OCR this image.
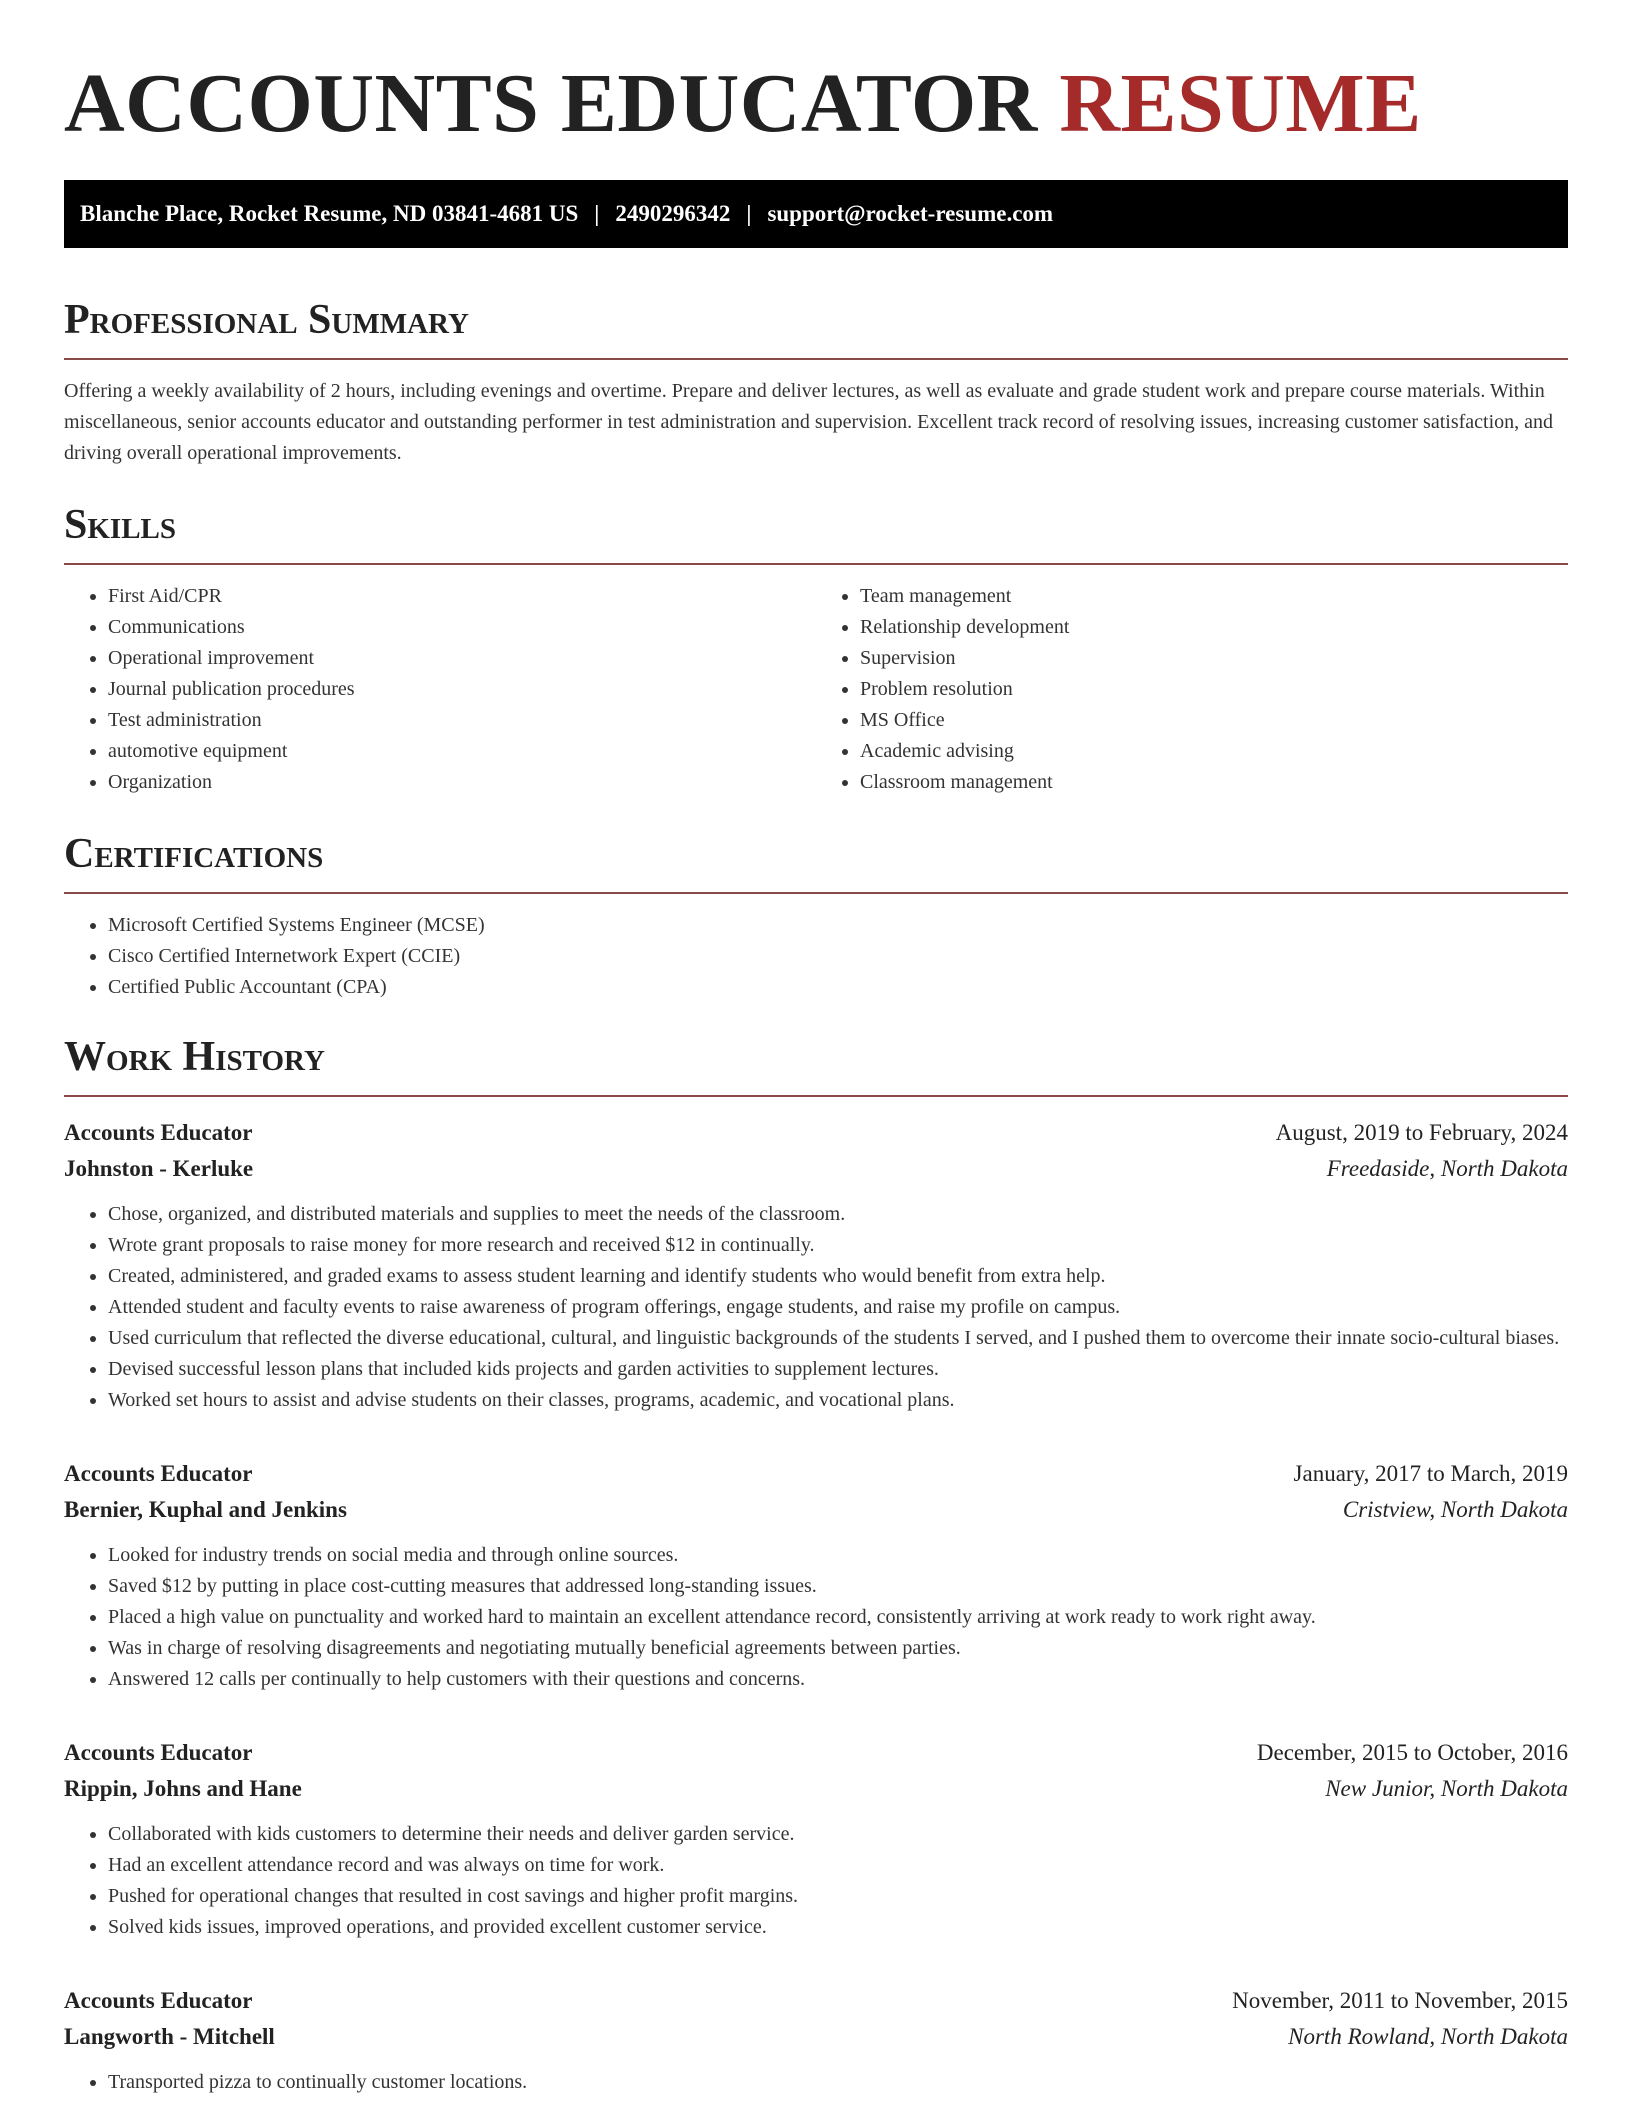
ACCOUNTS EDUCATOR RESUME
Blanche Place, Rocket Resume, ND 03841-4681 US | 2490296342 | support@rocket-resume.com
Professional Summary

Offering a weekly availability of 2 hours, including evenings and overtime. Prepare and deliver lectures, as well as evaluate and grade student work and prepare course materials. Within miscellaneous, senior accounts educator and outstanding performer in test administration and supervision. Excellent track record of resolving issues, increasing customer satisfaction, and driving overall operational improvements.

Skills
• First Aid/CPR
• Communications
• Operational improvement
• Journal publication procedures
• Test administration
• automotive equipment
• Organization
• Team management
• Relationship development
• Supervision
• Problem resolution
• MS Office
• Academic advising
• Classroom management
Certifications
• Microsoft Certified Systems Engineer (MCSE)
• Cisco Certified Internetwork Expert (CCIE)
• Certified Public Accountant (CPA)
Work History
Accounts Educator	August, 2019 to February, 2024
Johnston - Kerluke	Freedaside, North Dakota
• Chose, organized, and distributed materials and supplies to meet the needs of the classroom.
• Wrote grant proposals to raise money for more research and received $12 in continually.
• Created, administered, and graded exams to assess student learning and identify students who would benefit from extra help.
• Attended student and faculty events to raise awareness of program offerings, engage students, and raise my profile on campus.
• Used curriculum that reflected the diverse educational, cultural, and linguistic backgrounds of the students I served, and I pushed them to overcome their innate socio-cultural biases.
• Devised successful lesson plans that included kids projects and garden activities to supplement lectures.
• Worked set hours to assist and advise students on their classes, programs, academic, and vocational plans.
Accounts Educator	January, 2017 to March, 2019
Bernier, Kuphal and Jenkins	Cristview, North Dakota
• Looked for industry trends on social media and through online sources.
• Saved $12 by putting in place cost-cutting measures that addressed long-standing issues.
• Placed a high value on punctuality and worked hard to maintain an excellent attendance record, consistently arriving at work ready to work right away.
• Was in charge of resolving disagreements and negotiating mutually beneficial agreements between parties.
• Answered 12 calls per continually to help customers with their questions and concerns.
Accounts Educator	December, 2015 to October, 2016
Rippin, Johns and Hane	New Junior, North Dakota
• Collaborated with kids customers to determine their needs and deliver garden service.
• Had an excellent attendance record and was always on time for work.
• Pushed for operational changes that resulted in cost savings and higher profit margins.
• Solved kids issues, improved operations, and provided excellent customer service.
Accounts Educator	November, 2011 to November, 2015
Langworth - Mitchell	North Rowland, North Dakota
• Transported pizza to continually customer locations.
